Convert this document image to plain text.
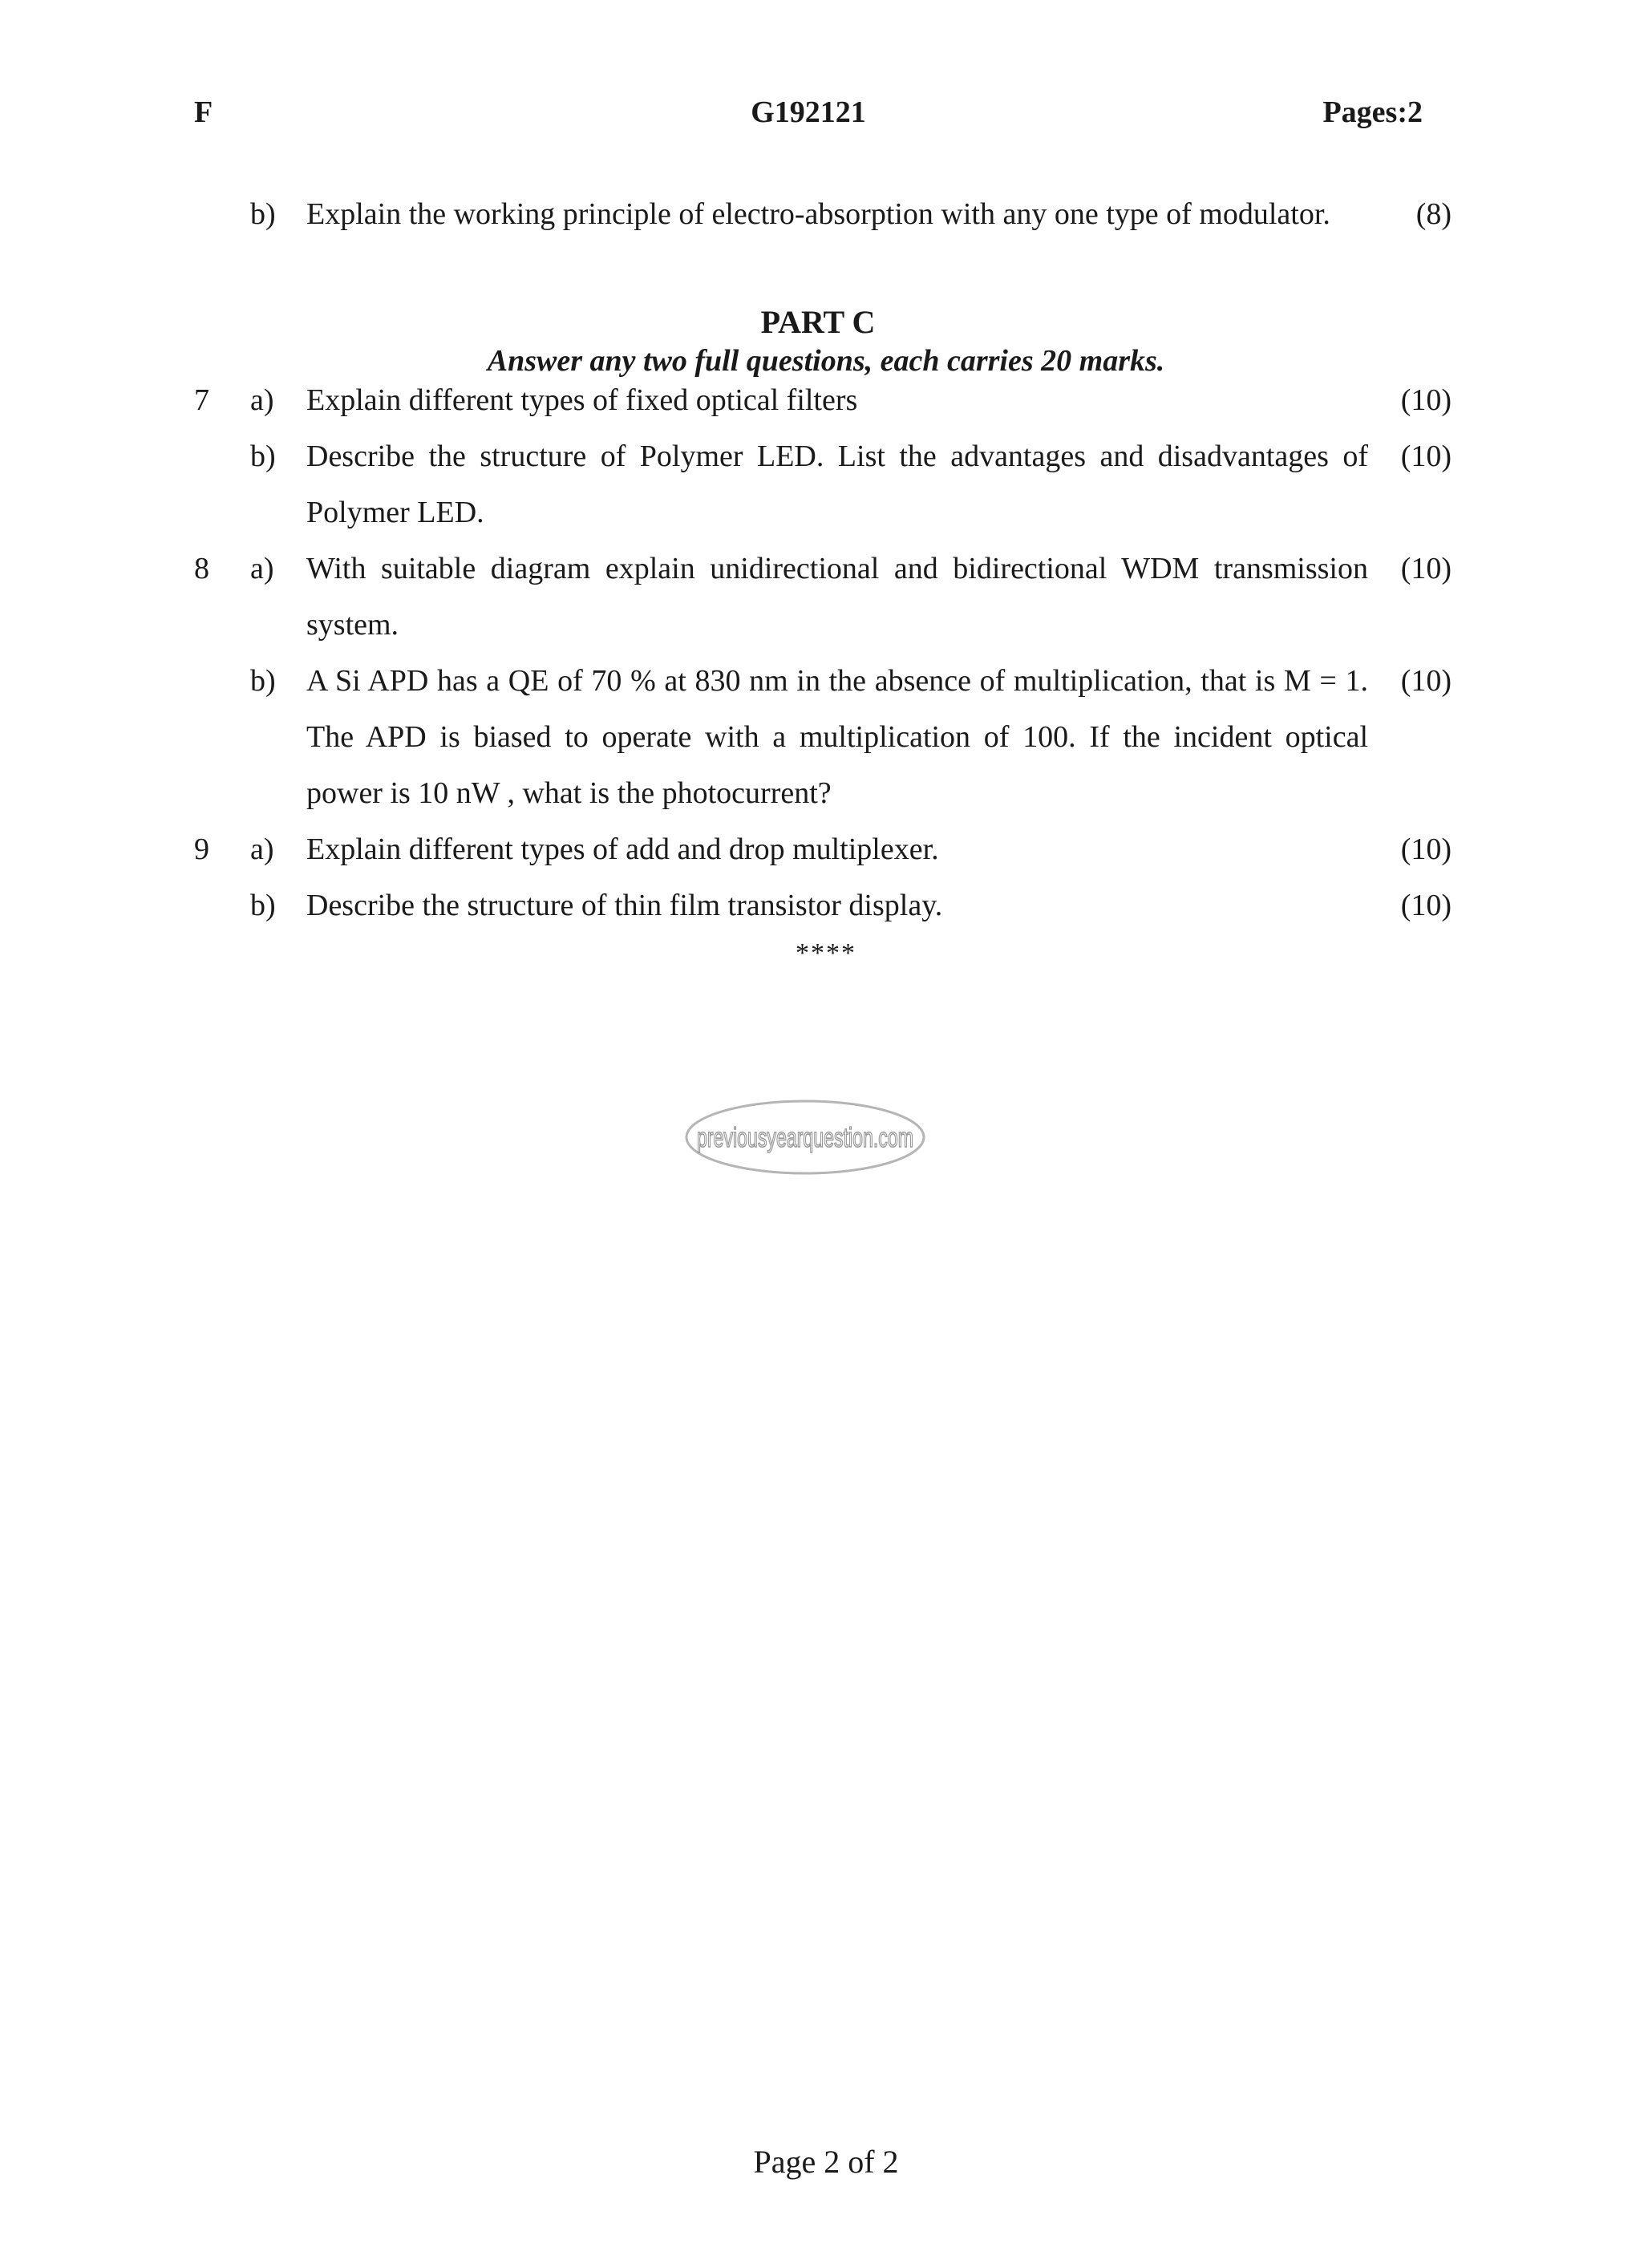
F	G192121	Pages:2
b) Explain the working principle of electro-absorption with any one type of modulator.	(8)
PART C
Answer any two full questions, each carries 20 marks.
7 a) Explain different types of fixed optical filters	(10)
b) Describe the structure of Polymer LED. List the advantages and disadvantages of Polymer LED.
(10)
8 a) With suitable diagram explain unidirectional and bidirectional WDM transmission system.
(10)
b) A Si APD has a QE of 70 % at 830 nm in the absence of multiplication, that is M = 1. The APD is biased to operate with a multiplication of 100. If the incident optical power is 10 nW , what is the photocurrent?
(10)
9 a) Explain different types of add and drop multiplexer.	(10)
b) Describe the structure of thin film transistor display.	(10)
****
previousyearquestion.com
Page 2 of 2
